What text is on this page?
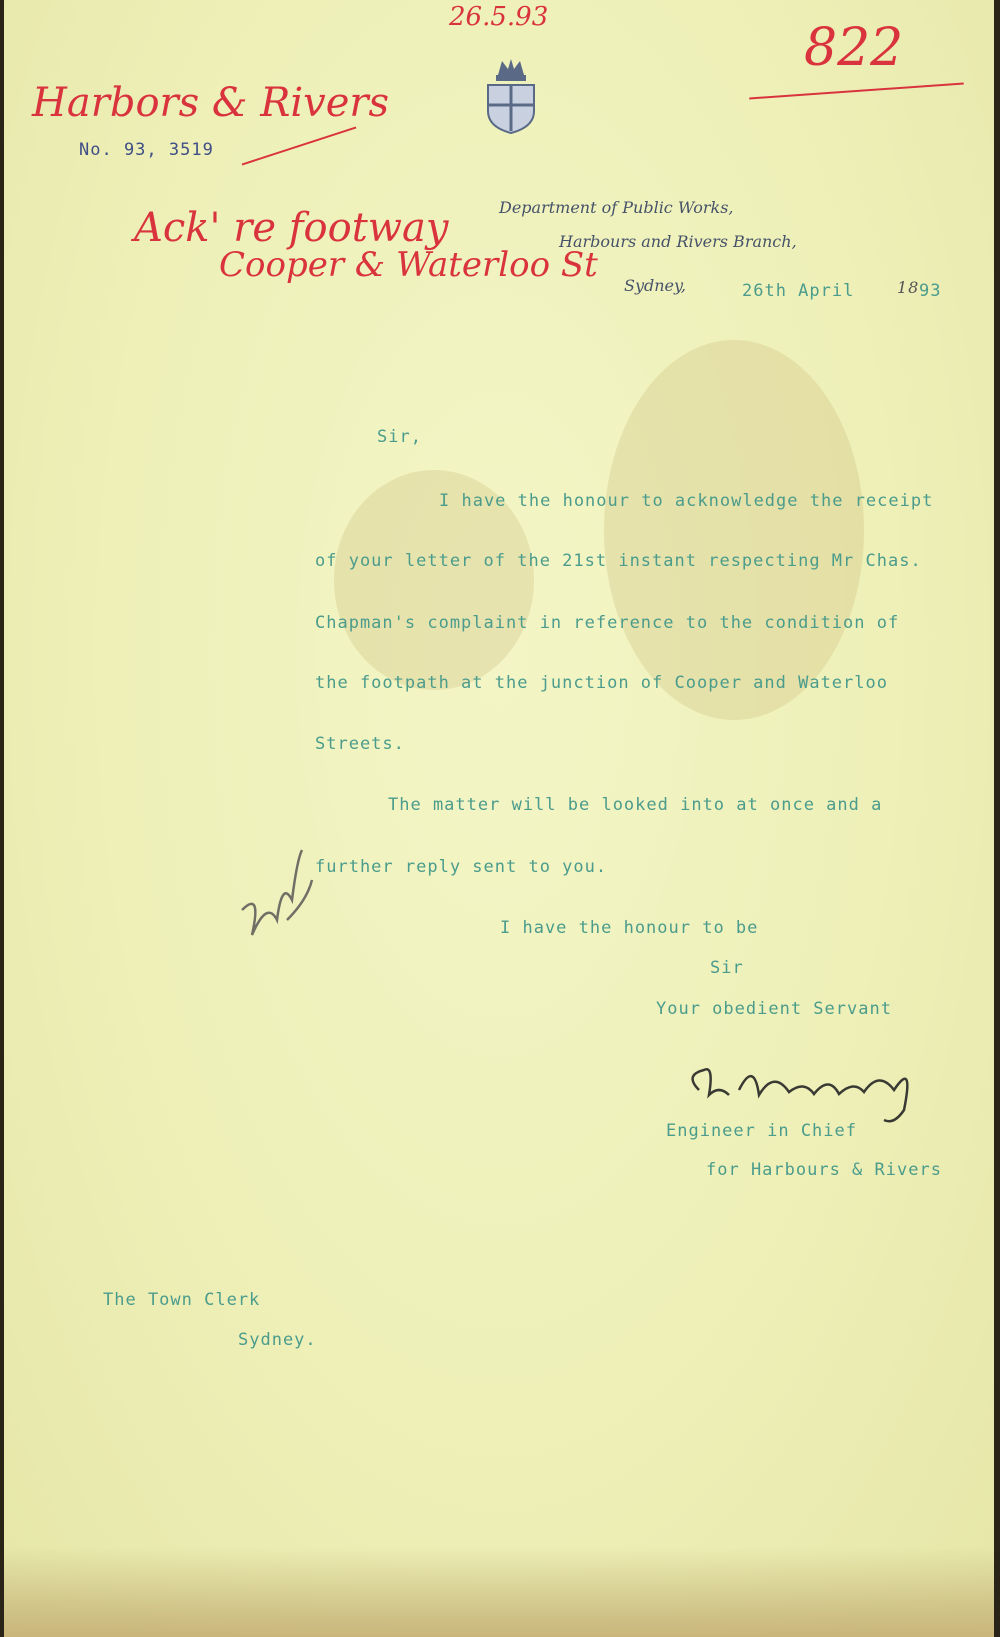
26.5.93
822
Harbors & Rivers
Ack' re footway
Cooper & Waterloo St
No. 93, 3519
Department of Public Works,
Harbours and Rivers Branch,
Sydney,	26th April	18 93
Sir,
I have the honour to acknowledge the receipt
of your letter of the 21st instant respecting Mr Chas.
Chapman's complaint in reference to the condition of
the footpath at the junction of Cooper and Waterloo
Streets.
The matter will be looked into at once and a
further reply sent to you.
I have the honour to be
Sir
Your obedient Servant
Engineer in Chief
for Harbours & Rivers
The Town Clerk
Sydney.
